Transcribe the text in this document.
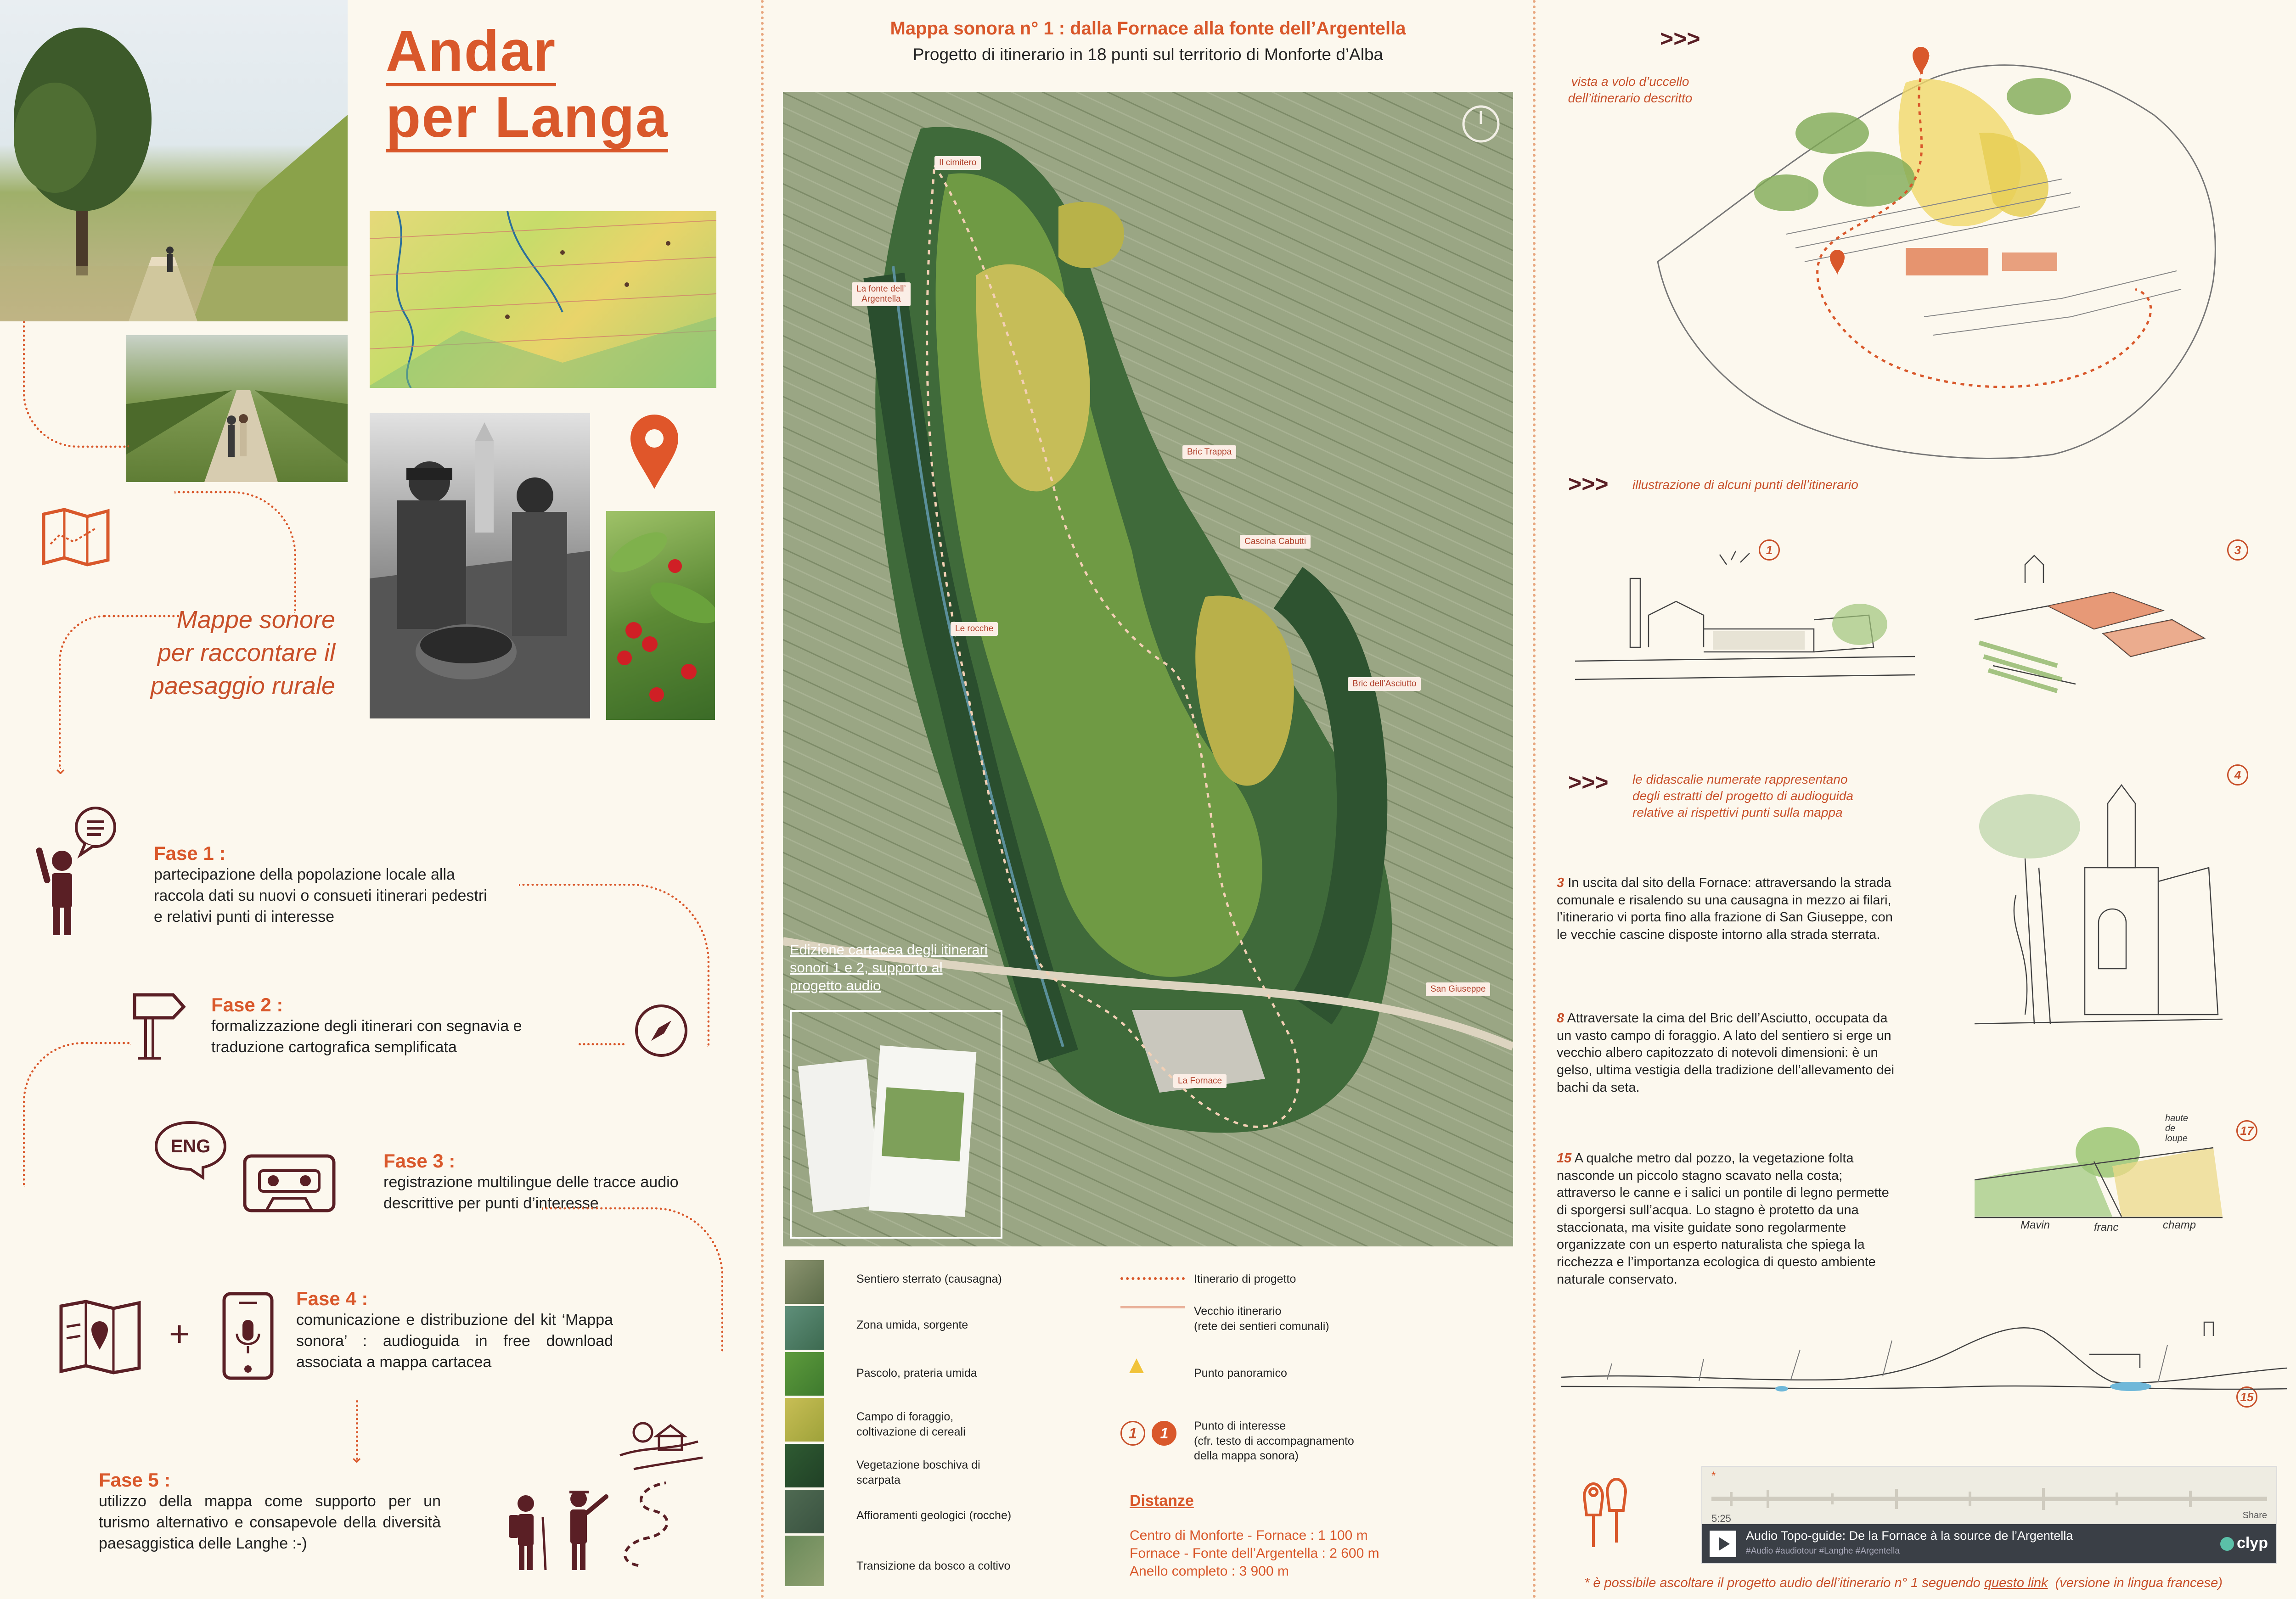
Andar
per Langa
Mappe sonore
per raccontare il
paesaggio rurale
⌄
Fase 1 :
partecipazione della popolazione locale alla raccola dati su nuovi o consueti itinerari pedestri e relativi punti di interesse
Fase 2 :
formalizzazione degli itinerari con segnavia e traduzione cartografica semplificata
ENG
Fase 3 :
registrazione multilingue delle tracce audio descrittive per punti d’interesse
+
Fase 4 :
comunicazione e distribuzione del kit ‘Mappa sonora’ : audioguida in free download associata a mappa cartacea
⌄
Fase 5 :
utilizzo della mappa come supporto per un turismo alternativo e consapevole della diversità paesaggistica delle Langhe :-)
Mappa sonora n° 1 : dalla Fornace alla fonte dell’Argentella
Progetto di itinerario in 18 punti sul territorio di Monforte d’Alba
Il cimitero
La fonte dell’
Argentella
Bric Trappa
Cascina Cabutti
Le rocche
Bric dell’Asciutto
San Giuseppe
La Fornace
Edizione cartacea degli itinerari sonori 1 e 2, supporto al progetto audio
Sentiero sterrato (causagna)
Zona umida, sorgente
Pascolo, prateria umida
Campo di foraggio,
coltivazione di cereali
Vegetazione boschiva di
scarpata
Affioramenti geologici (rocche)
Transizione da bosco a coltivo
1 1
Itinerario di progetto
Vecchio itinerario
(rete dei sentieri comunali)
Punto panoramico
Punto di interesse
(cfr. testo di accompagnamento
della mappa sonora)
Distanze
Centro di Monforte - Fornace : 1 100 m
Fornace - Fonte dell’Argentella : 2 600 m
Anello completo : 3 900 m
>>>
vista a volo d’uccello
dell’itinerario descritto
>>> illustrazione di alcuni punti dell’itinerario
1	3
>>> le didascalie numerate rappresentano
degli estratti del progetto di audioguida
relative ai rispettivi punti sulla mappa
4
3 In uscita dal sito della Fornace: attraversando la strada comunale e risalendo su una causagna in mezzo ai filari, l’itinerario vi porta fino alla frazione di San Giuseppe, con le vecchie cascine disposte intorno alla strada sterrata.
8 Attraversate la cima del Bric dell’Asciutto, occupata da un vasto campo di foraggio. A lato del sentiero si erge un vecchio albero capitozzato di notevoli dimensioni: è un gelso, ultima vestigia della tradizione dell’allevamento dei bachi da seta.
15 A qualche metro dal pozzo, la vegetazione folta nasconde un piccolo stagno scavato nella costa; attraverso le canne e i salici un pontile di legno permette di sporgersi sull’acqua. Lo stagno è protetto da una staccionata, ma visite guidate sono regolarmente organizzate con un esperto naturalista che spiega la ricchezza e l’importanza ecologica di questo ambiente naturale conservato.
17
Mavin	franc	champ
haute
de
loupe
15
*
5:25	Share
Audio Topo-guide: De la Fornace à la source de l’Argentella
#Audio #audiotour #Langhe #Argentella	clyp
* è possibile ascoltare il progetto audio dell’itinerario n° 1 seguendo questo link  (versione in lingua francese)
